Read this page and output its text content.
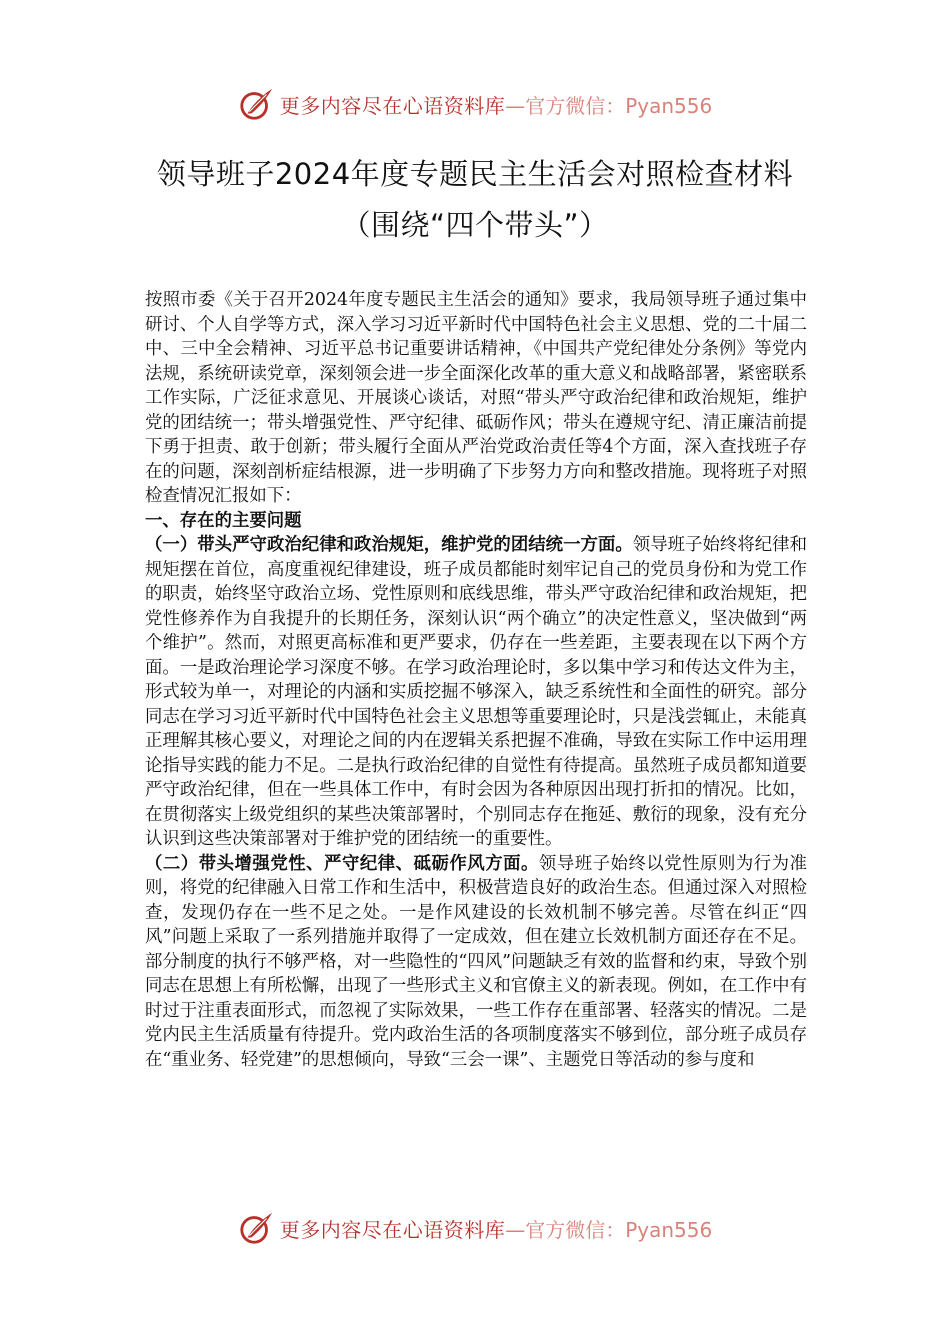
更多内容尽在心语资料库 —官方微信：Pyan556
领导班子2024年度专题民主生活会对照检查材料
（围绕“四个带头”）

按照市委《关于召开2024年度专题民主生活会的通知》要求，我局领导班子通过集中研讨、个人自学等方式，深入学习习近平新时代中国特色社会主义思想、党的二十届二中、三中全会精神、习近平总书记重要讲话精神，《中国共产党纪律处分条例》等党内法规，系统研读党章，深刻领会进一步全面深化改革的重大意义和战略部署，紧密联系工作实际，广泛征求意见、开展谈心谈话，对照“带头严守政治纪律和政治规矩，维护党的团结统一；带头增强党性、严守纪律、砥砺作风；带头在遵规守纪、清正廉洁前提下勇于担责、敢于创新；带头履行全面从严治党政治责任等4个方面，深入查找班子存在的问题，深刻剖析症结根源，进一步明确了下步努力方向和整改措施。现将班子对照检查情况汇报如下：

一、存在的主要问题

（一）带头严守政治纪律和政治规矩，维护党的团结统一方面。领导班子始终将纪律和规矩摆在首位，高度重视纪律建设，班子成员都能时刻牢记自己的党员身份和为党工作的职责，始终坚守政治立场、党性原则和底线思维，带头严守政治纪律和政治规矩，把党性修养作为自我提升的长期任务，深刻认识“两个确立”的决定性意义，坚决做到“两个维护”。然而，对照更高标准和更严要求，仍存在一些差距，主要表现在以下两个方面。一是政治理论学习深度不够。在学习政治理论时，多以集中学习和传达文件为主，形式较为单一，对理论的内涵和实质挖掘不够深入，缺乏系统性和全面性的研究。部分同志在学习习近平新时代中国特色社会主义思想等重要理论时，只是浅尝辄止，未能真正理解其核心要义，对理论之间的内在逻辑关系把握不准确，导致在实际工作中运用理论指导实践的能力不足。二是执行政治纪律的自觉性有待提高。虽然班子成员都知道要严守政治纪律，但在一些具体工作中，有时会因为各种原因出现打折扣的情况。比如，在贯彻落实上级党组织的某些决策部署时，个别同志存在拖延、敷衍的现象，没有充分认识到这些决策部署对于维护党的团结统一的重要性。

（二）带头增强党性、严守纪律、砥砺作风方面。领导班子始终以党性原则为行为准则，将党的纪律融入日常工作和生活中，积极营造良好的政治生态。但通过深入对照检查，发现仍存在一些不足之处。一是作风建设的长效机制不够完善。尽管在纠正“四风”问题上采取了一系列措施并取得了一定成效，但在建立长效机制方面还存在不足。部分制度的执行不够严格，对一些隐性的“四风”问题缺乏有效的监督和约束，导致个别同志在思想上有所松懈，出现了一些形式主义和官僚主义的新表现。例如，在工作中有时过于注重表面形式，而忽视了实际效果，一些工作存在重部署、轻落实的情况。二是党内民主生活质量有待提升。党内政治生活的各项制度落实不够到位，部分班子成员存在“重业务、轻党建”的思想倾向，导致“三会一课”、主题党日等活动的参与度和

更多内容尽在心语资料库 —官方微信：Pyan556
